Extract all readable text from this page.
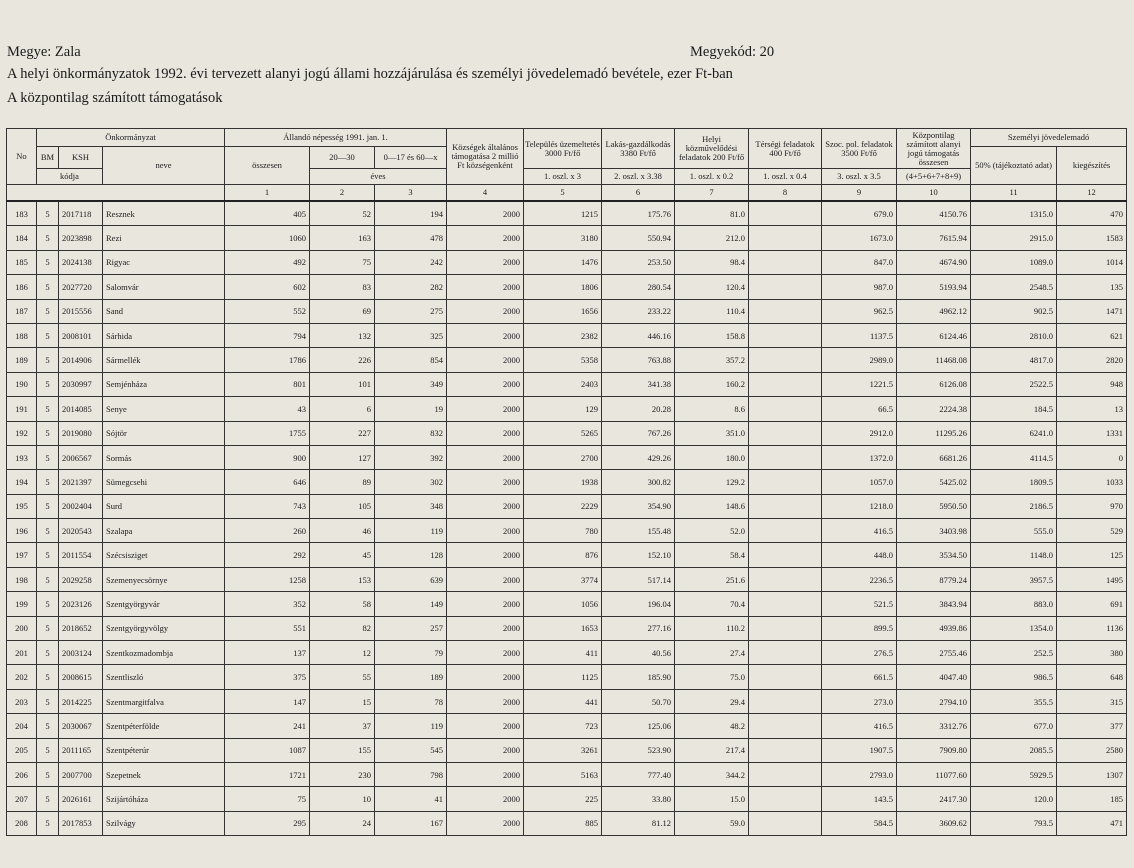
Megye: Zala	Megyekód: 20
A helyi önkormányzatok 1992. évi tervezett alanyi jogú állami hozzájárulása és személyi jövedelemadó bevétele, ezer Ft-ban
A központilag számított támogatások
No	Önkormányzat			Állandó népesség 1991. jan. 1.			Községek általános támogatása 2 millió Ft községenként	Település üzemeltetés 3000 Ft/fő	Lakás-gazdálkodás 3380 Ft/fő	Helyi közművelődési feladatok 200 Ft/fő	Térségi feladatok 400 Ft/fő	Szoc. pol. feladatok 3500 Ft/fő	Központilag számított alanyi jogú támogatás összesen	Személyi jövedelemadó	
	BM	KSH	neve	összesen	20—30	0—17 és 60—x								50% (tájékoztató adat)	kiegészítés
	kódja				éves			1. oszl. x 3	2. oszl. x 3.38	1. oszl. x 0.2	1. oszl. x 0.4	3. oszl. x 3.5	(4+5+6+7+8+9)		
				1	2	3	4	5	6	7	8	9	10	11	12
183	5	2017118	Resznek	405	52	194	2000	1215	175.76	81.0		679.0	4150.76	1315.0	470
184	5	2023898	Rezi	1060	163	478	2000	3180	550.94	212.0		1673.0	7615.94	2915.0	1583
185	5	2024138	Rigyac	492	75	242	2000	1476	253.50	98.4		847.0	4674.90	1089.0	1014
186	5	2027720	Salomvár	602	83	282	2000	1806	280.54	120.4		987.0	5193.94	2548.5	135
187	5	2015556	Sand	552	69	275	2000	1656	233.22	110.4		962.5	4962.12	902.5	1471
188	5	2008101	Sárhida	794	132	325	2000	2382	446.16	158.8		1137.5	6124.46	2810.0	621
189	5	2014906	Sármellék	1786	226	854	2000	5358	763.88	357.2		2989.0	11468.08	4817.0	2820
190	5	2030997	Semjénháza	801	101	349	2000	2403	341.38	160.2		1221.5	6126.08	2522.5	948
191	5	2014085	Senye	43	6	19	2000	129	20.28	8.6		66.5	2224.38	184.5	13
192	5	2019080	Sójtör	1755	227	832	2000	5265	767.26	351.0		2912.0	11295.26	6241.0	1331
193	5	2006567	Sormás	900	127	392	2000	2700	429.26	180.0		1372.0	6681.26	4114.5	0
194	5	2021397	Sümegcsehi	646	89	302	2000	1938	300.82	129.2		1057.0	5425.02	1809.5	1033
195	5	2002404	Surd	743	105	348	2000	2229	354.90	148.6		1218.0	5950.50	2186.5	970
196	5	2020543	Szalapa	260	46	119	2000	780	155.48	52.0		416.5	3403.98	555.0	529
197	5	2011554	Szécsisziget	292	45	128	2000	876	152.10	58.4		448.0	3534.50	1148.0	125
198	5	2029258	Szemenyecsörnye	1258	153	639	2000	3774	517.14	251.6		2236.5	8779.24	3957.5	1495
199	5	2023126	Szentgyörgyvár	352	58	149	2000	1056	196.04	70.4		521.5	3843.94	883.0	691
200	5	2018652	Szentgyörgyvölgy	551	82	257	2000	1653	277.16	110.2		899.5	4939.86	1354.0	1136
201	5	2003124	Szentkozmadombja	137	12	79	2000	411	40.56	27.4		276.5	2755.46	252.5	380
202	5	2008615	Szentliszló	375	55	189	2000	1125	185.90	75.0		661.5	4047.40	986.5	648
203	5	2014225	Szentmargitfalva	147	15	78	2000	441	50.70	29.4		273.0	2794.10	355.5	315
204	5	2030067	Szentpéterfölde	241	37	119	2000	723	125.06	48.2		416.5	3312.76	677.0	377
205	5	2011165	Szentpéterúr	1087	155	545	2000	3261	523.90	217.4		1907.5	7909.80	2085.5	2580
206	5	2007700	Szepetnek	1721	230	798	2000	5163	777.40	344.2		2793.0	11077.60	5929.5	1307
207	5	2026161	Szijártóháza	75	10	41	2000	225	33.80	15.0		143.5	2417.30	120.0	185
208	5	2017853	Szilvágy	295	24	167	2000	885	81.12	59.0		584.5	3609.62	793.5	471
